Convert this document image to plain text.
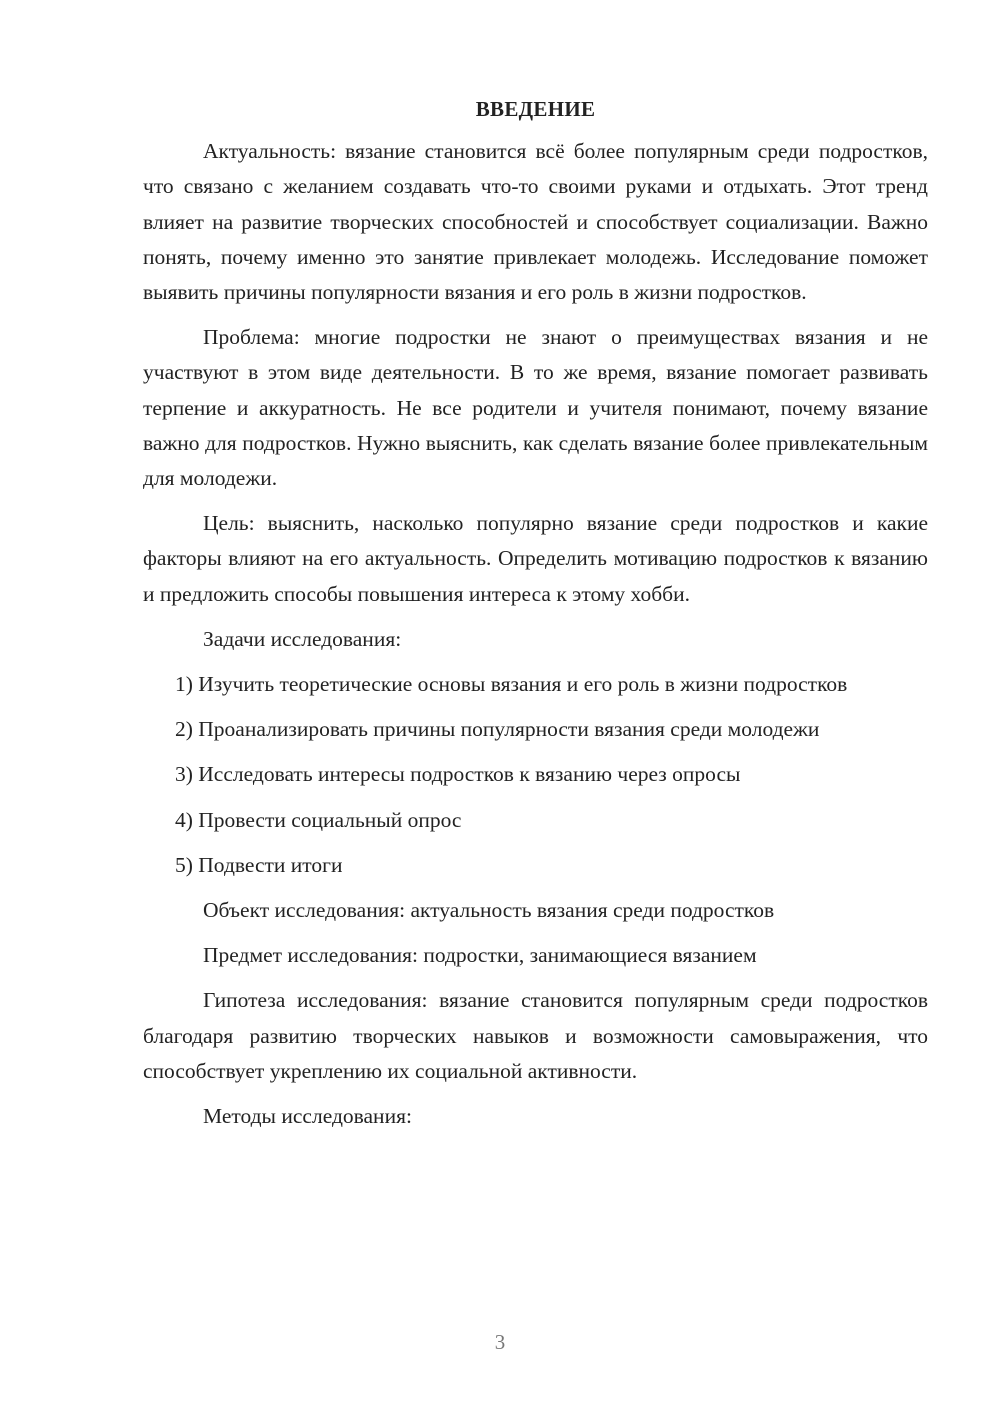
ВВЕДЕНИЕ

Актуальность: вязание становится всё более популярным среди подростков, что связано с желанием создавать что-то своими руками и отдыхать. Этот тренд влияет на развитие творческих способностей и способствует социализации. Важно понять, почему именно это занятие привлекает молодежь. Исследование поможет выявить причины популярности вязания и его роль в жизни подростков.

Проблема: многие подростки не знают о преимуществах вязания и не участвуют в этом виде деятельности. В то же время, вязание помогает развивать терпение и аккуратность. Не все родители и учителя понимают, почему вязание важно для подростков. Нужно выяснить, как сделать вязание более привлекательным для молодежи.

Цель: выяснить, насколько популярно вязание среди подростков и какие факторы влияют на его актуальность. Определить мотивацию подростков к вязанию и предложить способы повышения интереса к этому хобби.

Задачи исследования:

1) Изучить теоретические основы вязания и его роль в жизни подростков

2) Проанализировать причины популярности вязания среди молодежи

3) Исследовать интересы подростков к вязанию через опросы

4) Провести социальный опрос

5) Подвести итоги

Объект исследования: актуальность вязания среди подростков

Предмет исследования: подростки, занимающиеся вязанием

Гипотеза исследования: вязание становится популярным среди подростков благодаря развитию творческих навыков и возможности самовыражения, что способствует укреплению их социальной активности.

Методы исследования:

3
